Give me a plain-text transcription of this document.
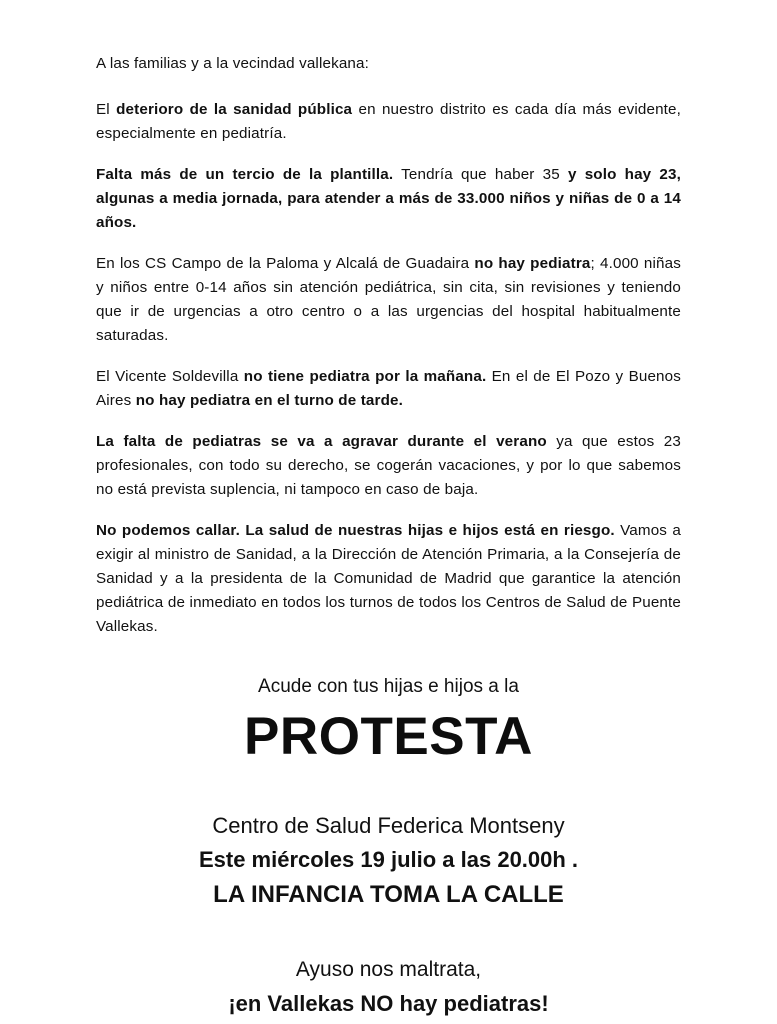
A las familias y a la vecindad vallekana:

El deterioro de la sanidad pública en nuestro distrito es cada día más evidente, especialmente en pediatría.

Falta más de un tercio de la plantilla. Tendría que haber 35 y solo hay 23, algunas a media jornada, para atender a más de 33.000 niños y niñas de 0 a 14 años.

En los CS Campo de la Paloma y Alcalá de Guadaira no hay pediatra; 4.000 niñas y niños entre 0-14 años sin atención pediátrica, sin cita, sin revisiones y teniendo que ir de urgencias a otro centro o a las urgencias del hospital habitualmente saturadas.

El Vicente Soldevilla no tiene pediatra por la mañana. En el de El Pozo y Buenos Aires no hay pediatra en el turno de tarde.

La falta de pediatras se va a agravar durante el verano ya que estos 23 profesionales, con todo su derecho, se cogerán vacaciones, y por lo que sabemos no está prevista suplencia, ni tampoco en caso de baja.

No podemos callar. La salud de nuestras hijas e hijos está en riesgo. Vamos a exigir al ministro de Sanidad, a la Dirección de Atención Primaria, a la Consejería de Sanidad y a la presidenta de la Comunidad de Madrid que garantice la atención pediátrica de inmediato en todos los turnos de todos los Centros de Salud de Puente Vallekas.

Acude con tus hijas e hijos a la
PROTESTA
Centro de Salud Federica Montseny
Este miércoles 19 julio a las 20.00h .
LA INFANCIA TOMA LA CALLE
Ayuso nos maltrata,
¡en Vallekas NO hay pediatras!
